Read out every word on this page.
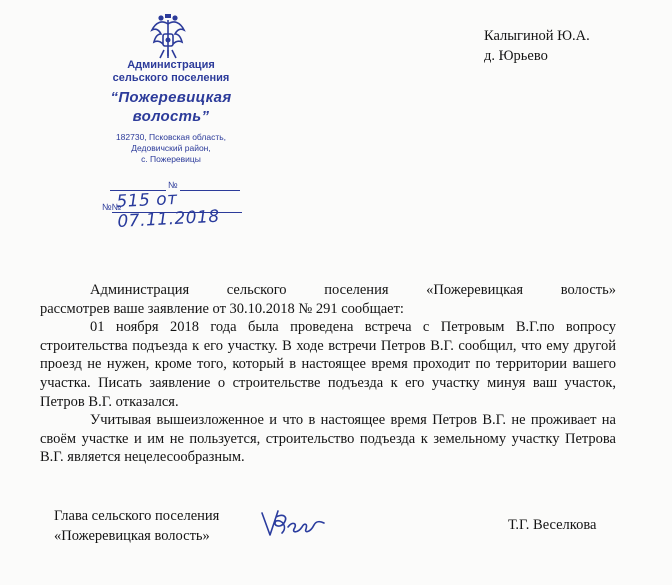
Администрация
сельского поселения
“Пожеревицкая
волость”
182730, Псковская область,
Дедовичский район,
с. Пожеревицы
№
№№
515 от 07.11.2018
Калыгиной Ю.А.
д. Юрьево

Администрация сельского поселения «Пожеревицкая волость»

рассмотрев ваше заявление от 30.10.2018 № 291 сообщает:

01 ноября 2018 года была проведена встреча с Петровым В.Г.по вопросу строительства подъезда к его участку. В ходе встречи Петров В.Г. сообщил, что ему другой проезд не нужен, кроме того, который в настоящее время проходит по территории вашего участка. Писать заявление о строительстве подъезда к его участку минуя ваш участок, Петров В.Г. отказался.

Учитывая вышеизложенное и что в настоящее время Петров В.Г. не проживает на своём участке и им не пользуется, строительство подъезда к земельному участку Петрова В.Г. является нецелесообразным.

Глава сельского поселения
«Пожеревицкая волость»
Т.Г. Веселкова
